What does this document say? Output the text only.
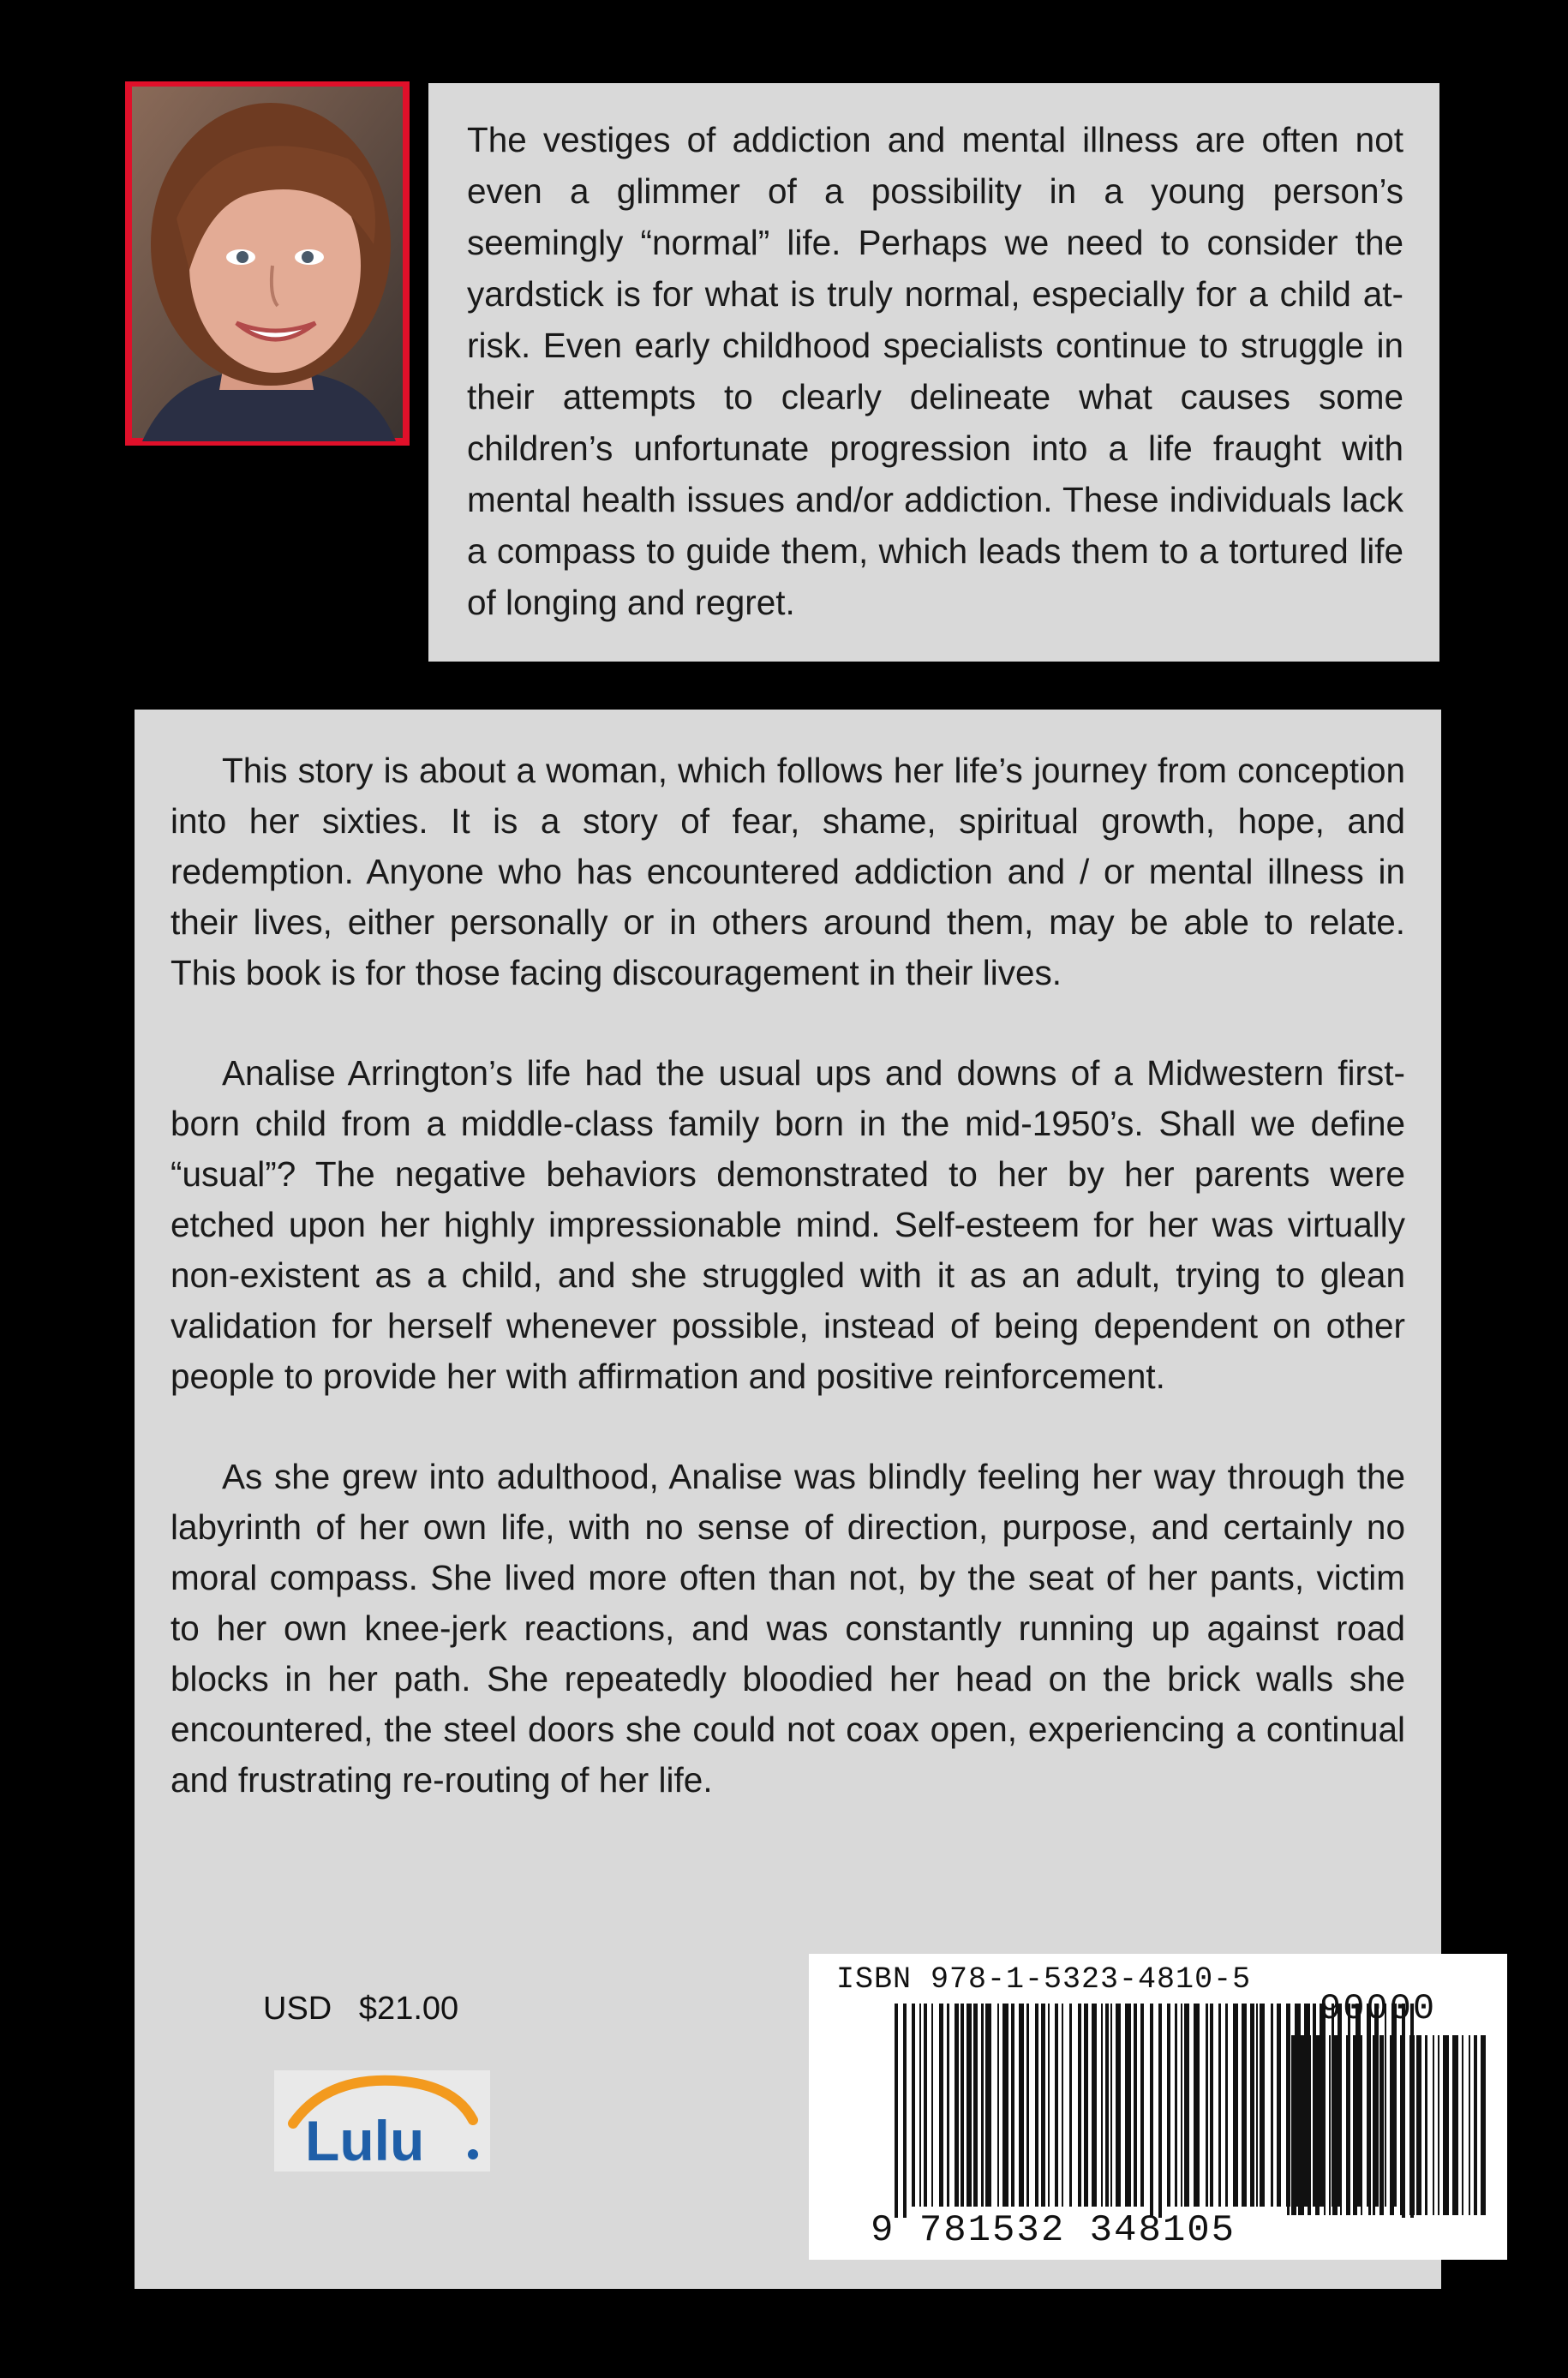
The vestiges of addiction and mental illness are often not even a glimmer of a possibility in a young person’s seemingly “normal” life. Perhaps we need to consider the yardstick is for what is truly normal, especially for a child at-risk. Even early childhood specialists continue to struggle in their attempts to clearly delineate what causes some children’s unfortunate progression into a life fraught with mental health issues and/or addiction. These individuals lack a compass to guide them, which leads them to a tortured life of longing and regret.

This story is about a woman, which follows her life’s journey from conception into her sixties. It is a story of fear, shame, spiritual growth, hope, and redemption. Anyone who has encountered addiction and / or mental illness in their lives, either personally or in others around them, may be able to relate. This book is for those facing discouragement in their lives.

Analise Arrington’s life had the usual ups and downs of a Midwestern first-born child from a middle-class family born in the mid-1950’s. Shall we define “usual”? The negative behaviors demonstrated to her by her parents were etched upon her highly impressionable mind. Self-esteem for her was virtually non-existent as a child, and she struggled with it as an adult, trying to glean validation for herself whenever possible, instead of being dependent on other people to provide her with affirmation and positive reinforcement.

As she grew into adulthood, Analise was blindly feeling her way through the labyrinth of her own life, with no sense of direction, purpose, and certainly no moral compass. She lived more often than not, by the seat of her pants, victim to her own knee-jerk reactions, and was constantly running up against road blocks in her path. She repeatedly bloodied her head on the brick walls she encountered, the steel doors she could not coax open, experiencing a continual and frustrating re-routing of her life.

USD $21.00
Lulu
ISBN 978-1-5323-4810-5
90000
9 781532 348105
